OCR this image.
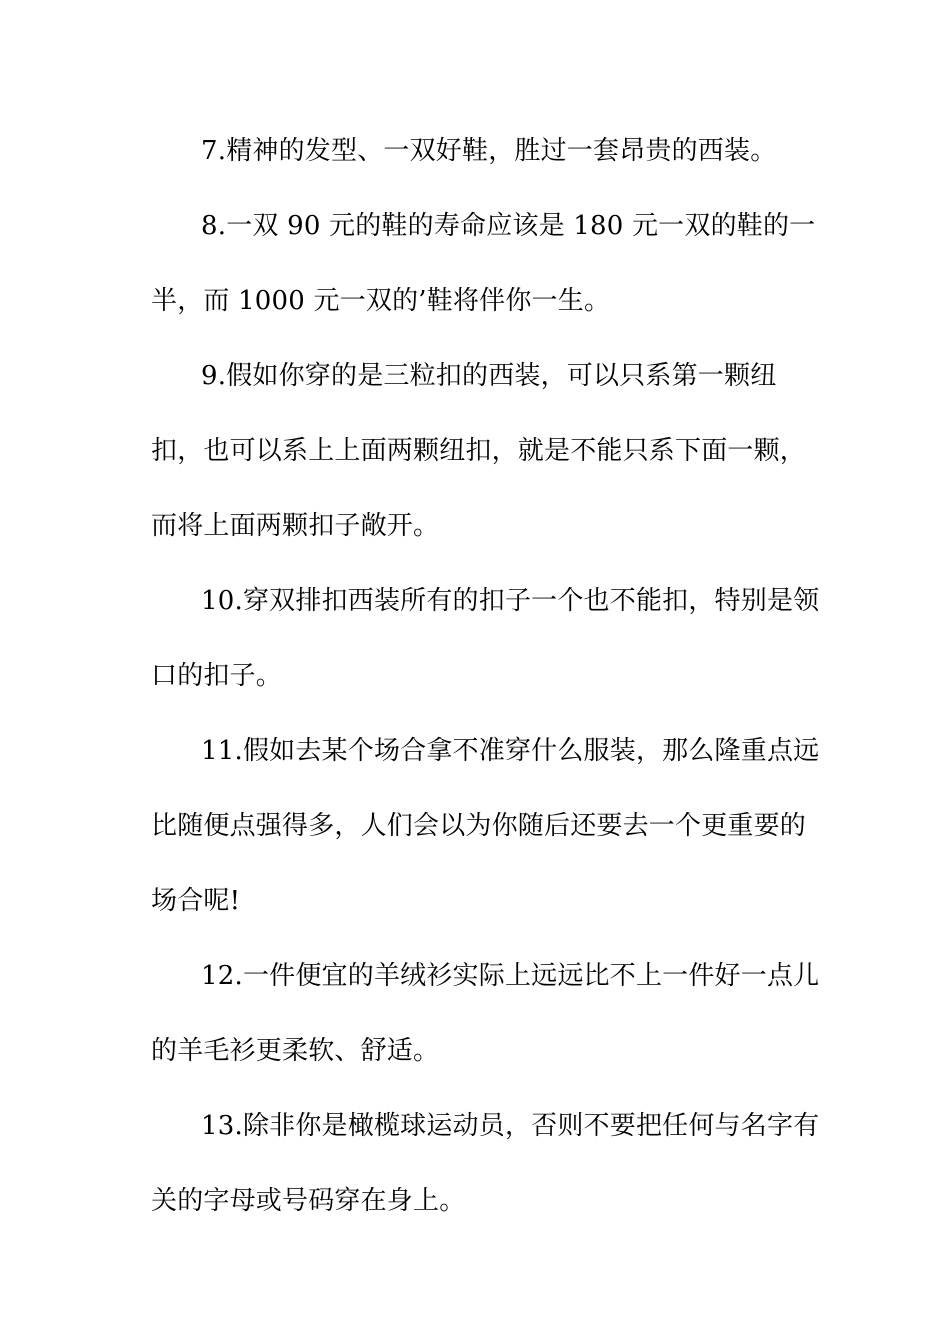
7.精神的发型、一双好鞋，胜过一套昂贵的西装。
8.一双 90 元的鞋的寿命应该是 180 元一双的鞋的一
半，而 1000 元一双的’鞋将伴你一生。
9.假如你穿的是三粒扣的西装，可以只系第一颗纽
扣，也可以系上上面两颗纽扣，就是不能只系下面一颗，
而将上面两颗扣子敞开。
10.穿双排扣西装所有的扣子一个也不能扣，特别是领
口的扣子。
11.假如去某个场合拿不准穿什么服装，那么隆重点远
比随便点强得多，人们会以为你随后还要去一个更重要的
场合呢!
12.一件便宜的羊绒衫实际上远远比不上一件好一点儿
的羊毛衫更柔软、舒适。
13.除非你是橄榄球运动员，否则不要把任何与名字有
关的字母或号码穿在身上。
